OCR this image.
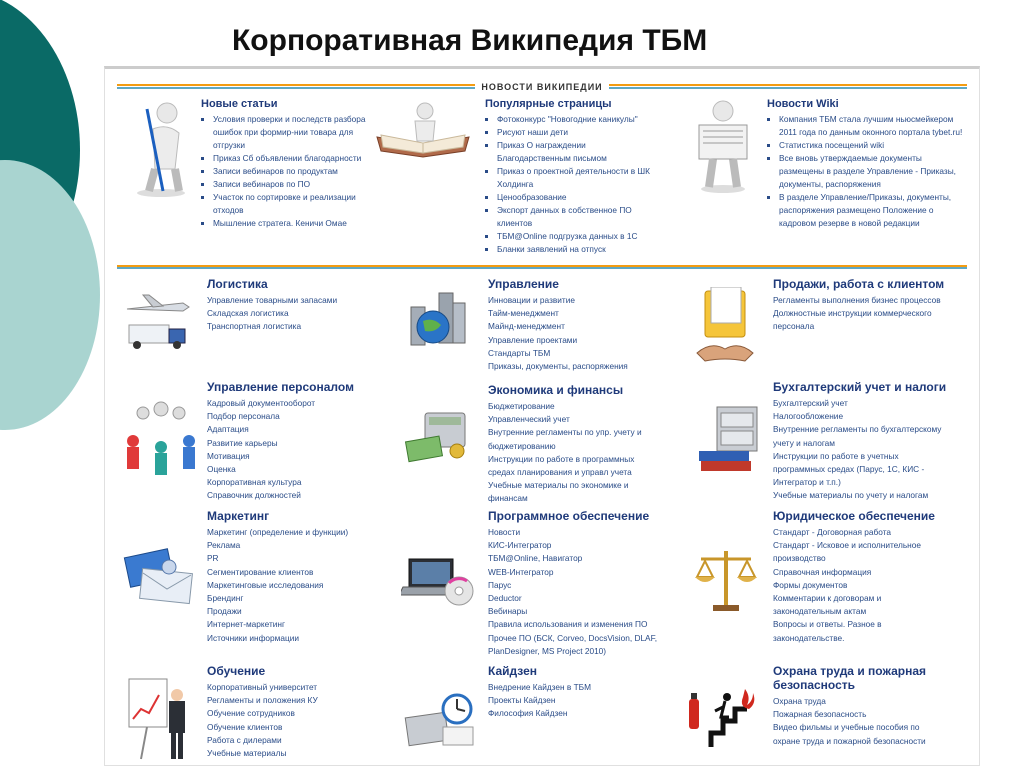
Корпоративная Википедия ТБМ
НОВОСТИ ВИКИПЕДИИ
Новые статьи
▪ Условия проверки и последств разбора ошибок при формир-нии товара для отгрузки
▪ Приказ Сб объявлении благодарности
▪ Записи вебинаров по продуктам
▪ Записи вебинаров по ПО
▪ Участок по сортировке и реализации отходов
▪ Мышление стратега. Кеничи Омае
Популярные страницы
▪ Фотоконкурс "Новогодние каникулы"
▪ Рисуют наши дети
▪ Приказ О награждении Благодарственным письмом
▪ Приказ о проектной деятельности в ШК Холдинга
▪ Ценообразование
▪ Экспорт данных в собственное ПО клиентов
▪ ТБМ@Online подгрузка данных в 1С
▪ Бланки заявлений на отпуск
Новости Wiki
▪ Компания ТБМ стала лучшим ньюсмейкером 2011 года по данным оконного портала tybet.ru!
▪ Статистика посещений wiki
▪ Все вновь утверждаемые документы размещены в разделе Управление - Приказы, документы, распоряжения
▪ В разделе Управление/Приказы, документы, распоряжения размещено Положение о кадровом резерве в новой редакции
Логистика
Управление товарными запасами
Складская логистика
Транспортная логистика
Управление
Инновации и развитие
Тайм-менеджмент
Майнд-менеджмент
Управление проектами
Стандарты ТБМ
Приказы, документы, распоряжения
Продажи, работа с клиентом
Регламенты выполнения бизнес процессов
Должностные инструкции коммерческого
персонала
Управление персоналом
Кадровый документооборот
Подбор персонала
Адаптация
Развитие карьеры
Мотивация
Оценка
Корпоративная культура
Справочник должностей
Экономика и финансы
Бюджетирование
Управленческий учет
Внутренние регламенты по упр. учету и
бюджетированию
Инструкции по работе в программных
средах планирования и управл учета
Учебные материалы по экономике и
финансам
Бухгалтерский учет и налоги
Бухгалтерский учет
Налогообложение
Внутренние регламенты по бухгалтерскому
учету и налогам
Инструкции по работе в учетных
программных средах (Парус, 1С, КИС -
Интегратор и т.п.)
Учебные материалы по учету и налогам
Маркетинг
Маркетинг (определение и функции)
Реклама
PR
Сегментирование клиентов
Маркетинговые исследования
Брендинг
Продажи
Интернет-маркетинг
Источники информации
Программное обеспечение
Новости
КИС-Интегратор
ТБМ@Online, Навигатор
WEB-Интегратор
Парус
Deductor
Вебинары
Правила использования и изменения ПО
Прочее ПО (БСК, Corveo, DocsVision, DLAF,
PlanDesigner, MS Project 2010)
Юридическое обеспечение
Стандарт - Договорная работа
Стандарт - Исковое и исполнительное
производство
Справочная информация
Формы документов
Комментарии к договорам и
законодательным актам
Вопросы и ответы. Разное в
законодательстве.
Обучение
Корпоративный университет
Регламенты и положения КУ
Обучение сотрудников
Обучение клиентов
Работа с дилерами
Учебные материалы
Кайдзен
Внедрение Кайдзен в ТБМ
Проекты Кайдзен
Философия Кайдзен
Охрана труда и пожарная безопасность
Охрана труда
Пожарная безопасность
Видео фильмы и учебные пособия по
охране труда и пожарной безопасности
